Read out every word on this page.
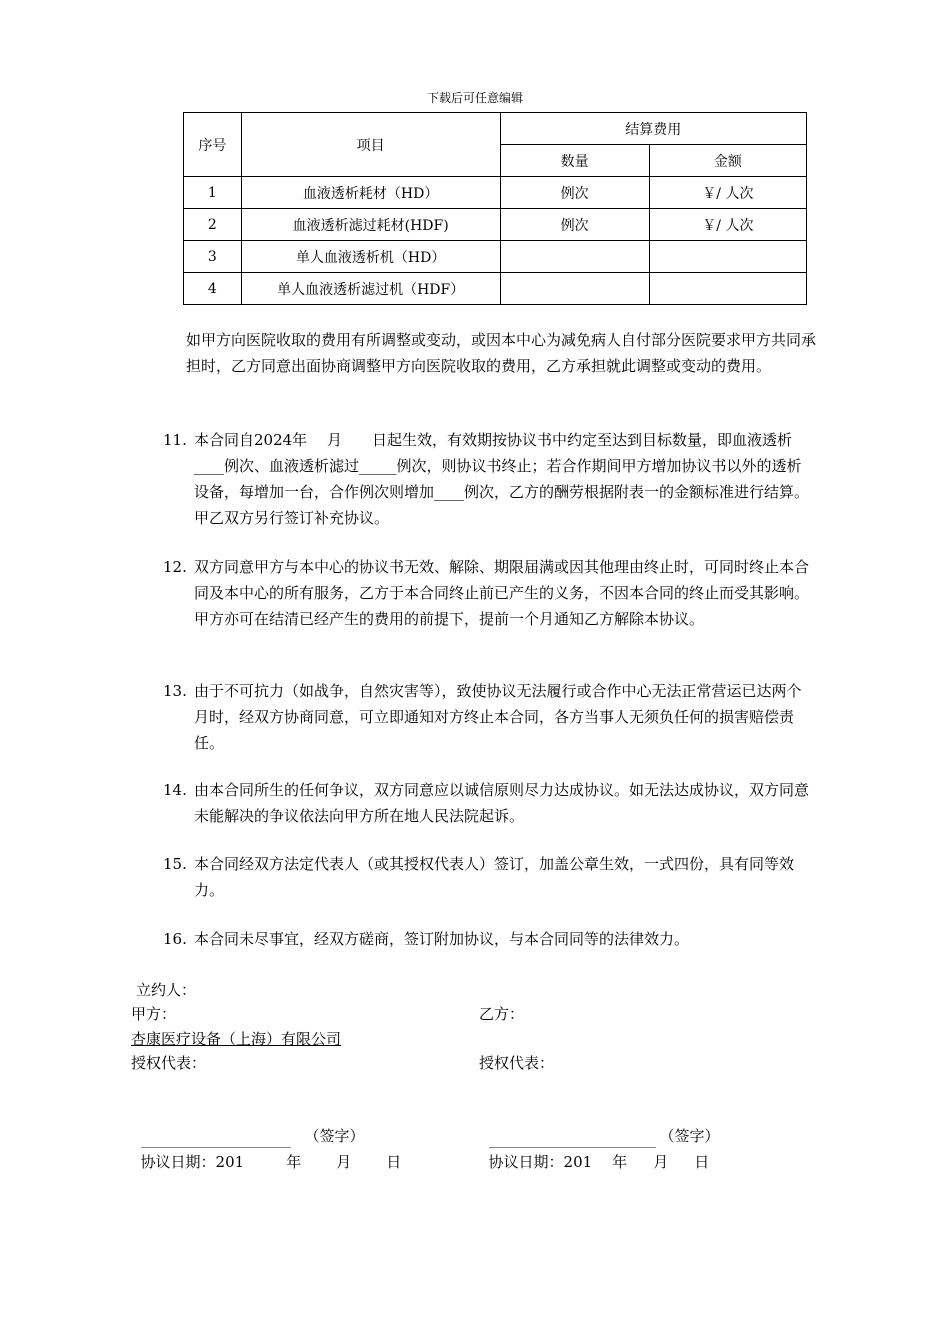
下载后可任意编辑
序号	项目	结算费用	
		数量	金额
1	血液透析耗材（HD）	例次	￥/ 人次
2	血液透析滤过耗材(HDF)	例次	￥/ 人次
3	单人血液透析机（HD）		
4	单人血液透析滤过机（HDF）		
如甲方向医院收取的费用有所调整或变动，或因本中心为减免病人自付部分医院要求甲方共同承担时，乙方同意出面协商调整甲方向医院收取的费用，乙方承担就此调整或变动的费用。
11. 本合同自2024年　 月　　日起生效，有效期按协议书中约定至达到目标数量，即血液透析____例次、血液透析滤过_____例次，则协议书终止；若合作期间甲方增加协议书以外的透析设备，每增加一台，合作例次则增加____例次，乙方的酬劳根据附表一的金额标准进行结算。甲乙双方另行签订补充协议。
12. 双方同意甲方与本中心的协议书无效、解除、期限届满或因其他理由终止时，可同时终止本合同及本中心的所有服务，乙方于本合同终止前已产生的义务，不因本合同的终止而受其影响。甲方亦可在结清已经产生的费用的前提下，提前一个月通知乙方解除本协议。
13. 由于不可抗力（如战争，自然灾害等），致使协议无法履行或合作中心无法正常营运已达两个月时，经双方协商同意，可立即通知对方终止本合同，各方当事人无须负任何的损害赔偿责任。
14. 由本合同所生的任何争议，双方同意应以诚信原则尽力达成协议。如无法达成协议，双方同意未能解决的争议依法向甲方所在地人民法院起诉。
15. 本合同经双方法定代表人（或其授权代表人）签订，加盖公章生效，一式四份，具有同等效力。
16. 本合同未尽事宜，经双方磋商，签订附加协议，与本合同同等的法律效力。
立约人：
甲方：	乙方：
杏康医疗设备（上海）有限公司
授权代表：	授权代表：

（签字）	（签字）

协议日期：201	年 月 日	协议日期：201 年 月 日
